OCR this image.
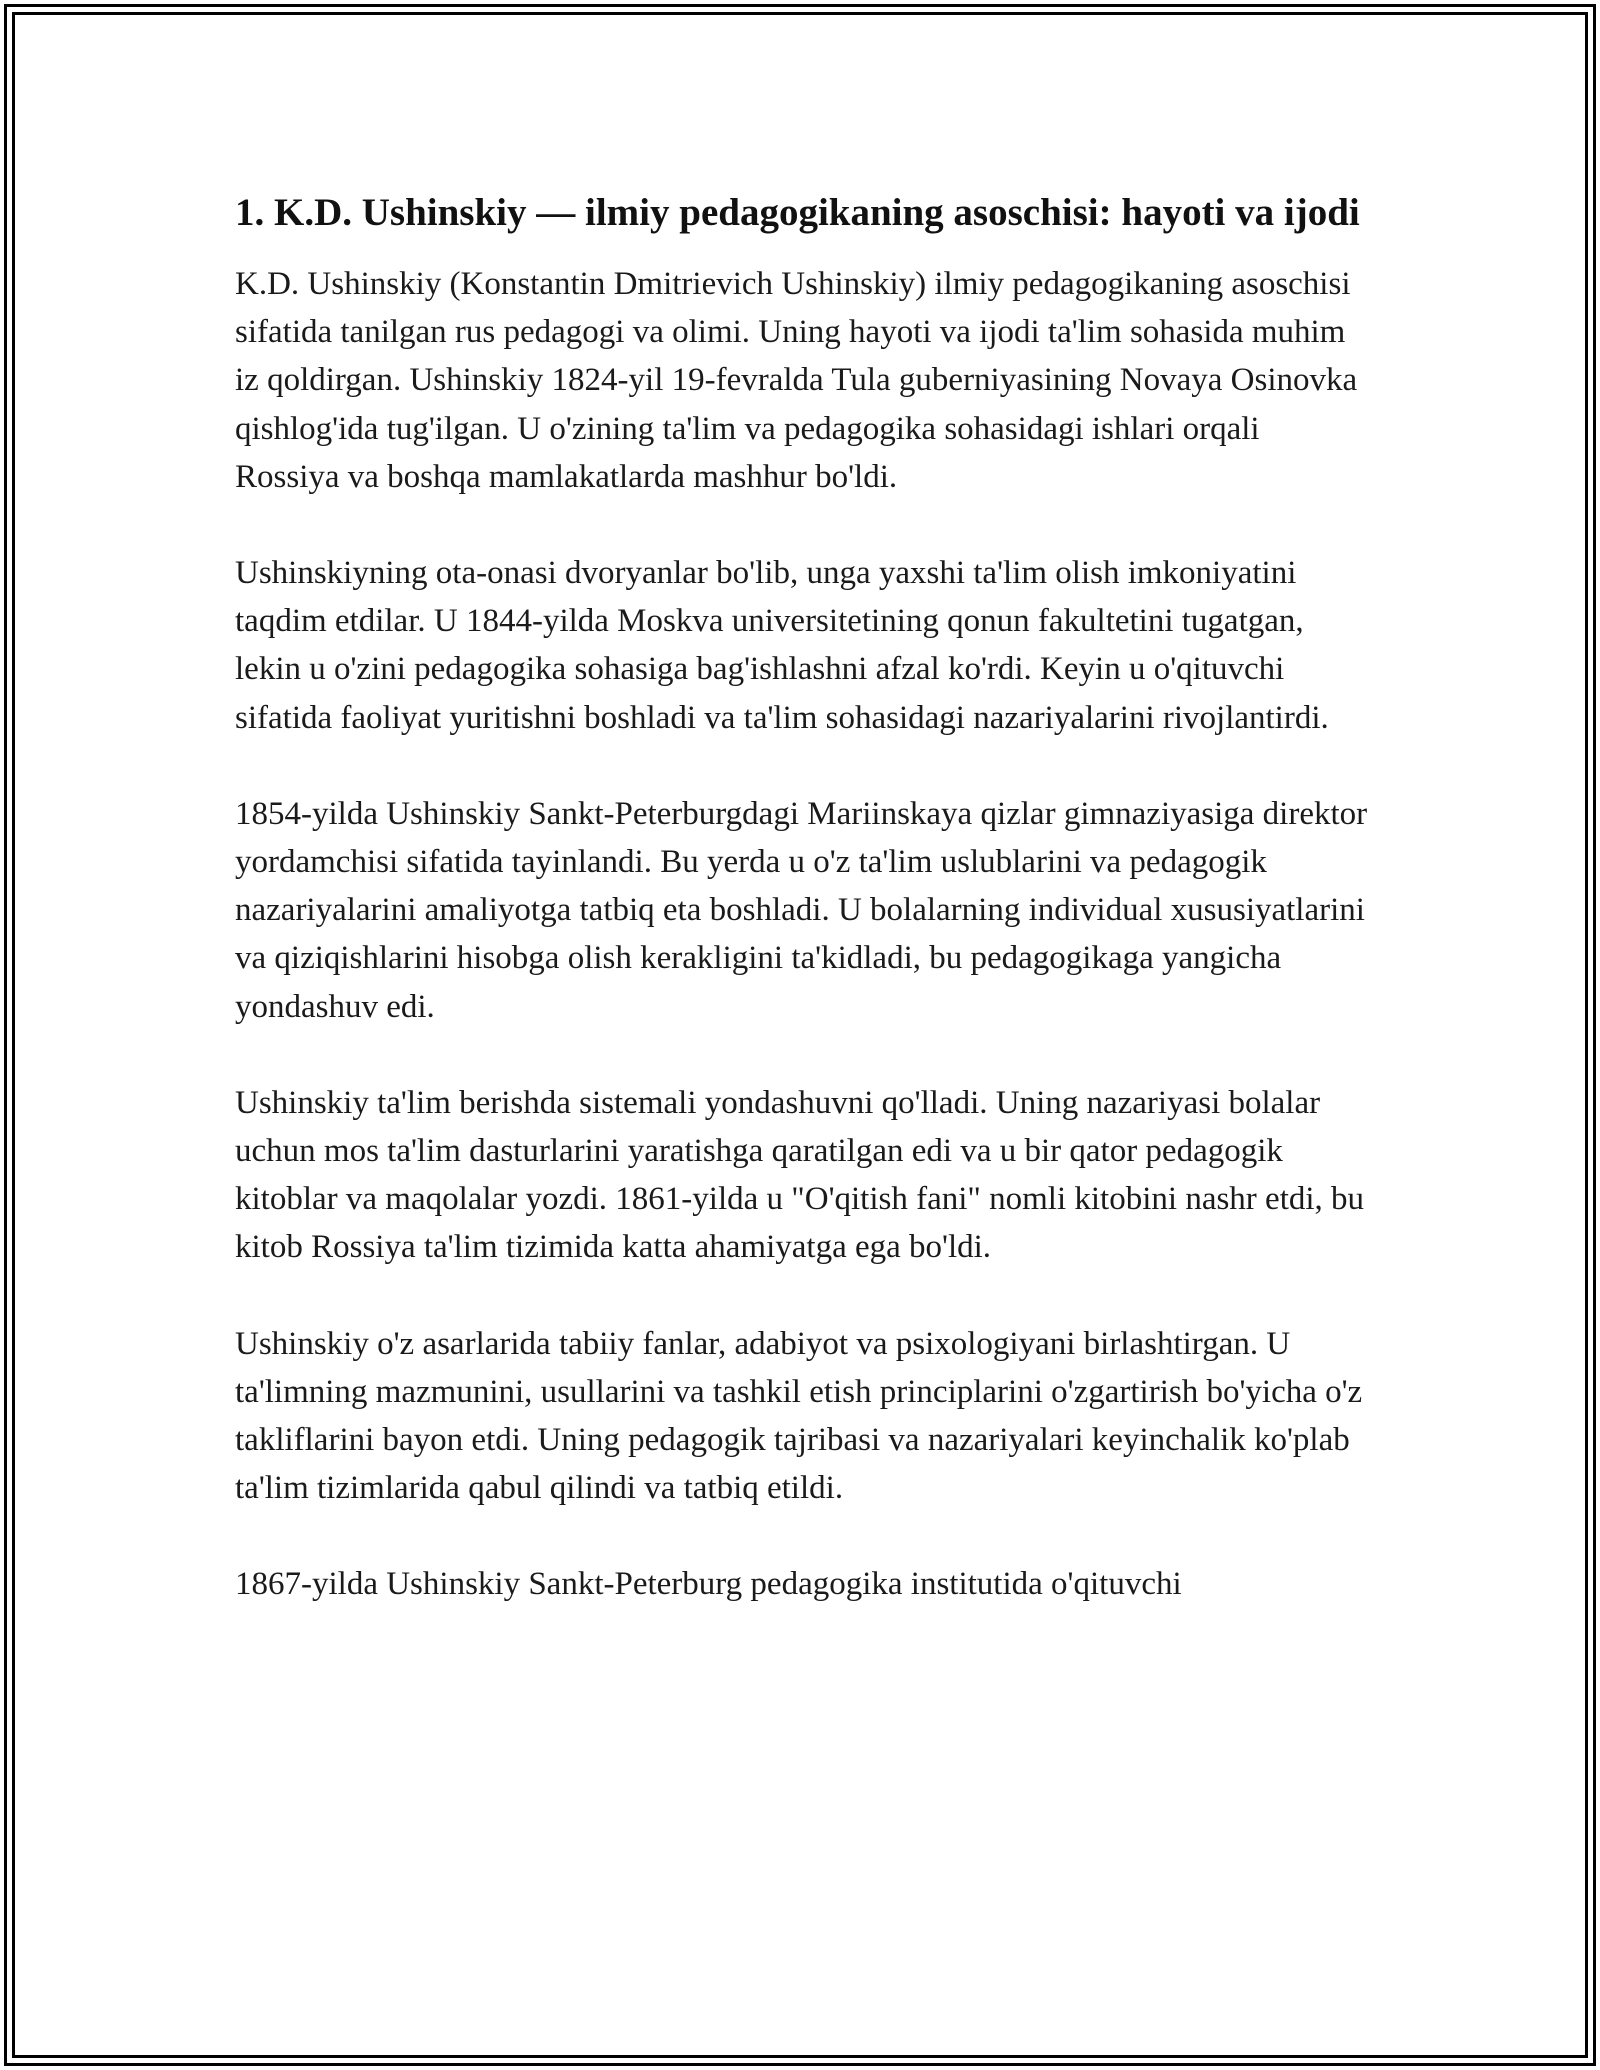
1. K.D. Ushinskiy — ilmiy pedagogikaning asoschisi: hayoti va ijodi

K.D. Ushinskiy (Konstantin Dmitrievich Ushinskiy) ilmiy pedagogikaning asoschisi sifatida tanilgan rus pedagogi va olimi. Uning hayoti va ijodi ta'lim sohasida muhim iz qoldirgan. Ushinskiy 1824-yil 19-fevralda Tula guberniyasining Novaya Osinovka qishlog'ida tug'ilgan. U o'zining ta'lim va pedagogika sohasidagi ishlari orqali Rossiya va boshqa mamlakatlarda mashhur bo'ldi.

Ushinskiyning ota-onasi dvoryanlar bo'lib, unga yaxshi ta'lim olish imkoniyatini taqdim etdilar. U 1844-yilda Moskva universitetining qonun fakultetini tugatgan, lekin u o'zini pedagogika sohasiga bag'ishlashni afzal ko'rdi. Keyin u o'qituvchi sifatida faoliyat yuritishni boshladi va ta'lim sohasidagi nazariyalarini rivojlantirdi.

1854-yilda Ushinskiy Sankt-Peterburgdagi Mariinskaya qizlar gimnaziyasiga direktor yordamchisi sifatida tayinlandi. Bu yerda u o'z ta'lim uslublarini va pedagogik nazariyalarini amaliyotga tatbiq eta boshladi. U bolalarning individual xususiyatlarini va qiziqishlarini hisobga olish kerakligini ta'kidladi, bu pedagogikaga yangicha yondashuv edi.

Ushinskiy ta'lim berishda sistemali yondashuvni qo'lladi. Uning nazariyasi bolalar uchun mos ta'lim dasturlarini yaratishga qaratilgan edi va u bir qator pedagogik kitoblar va maqolalar yozdi. 1861-yilda u "O'qitish fani" nomli kitobini nashr etdi, bu kitob Rossiya ta'lim tizimida katta ahamiyatga ega bo'ldi.

Ushinskiy o'z asarlarida tabiiy fanlar, adabiyot va psixologiyani birlashtirgan. U ta'limning mazmunini, usullarini va tashkil etish principlarini o'zgartirish bo'yicha o'z takliflarini bayon etdi. Uning pedagogik tajribasi va nazariyalari keyinchalik ko'plab ta'lim tizimlarida qabul qilindi va tatbiq etildi.

1867-yilda Ushinskiy Sankt-Peterburg pedagogika institutida o'qituvchi
